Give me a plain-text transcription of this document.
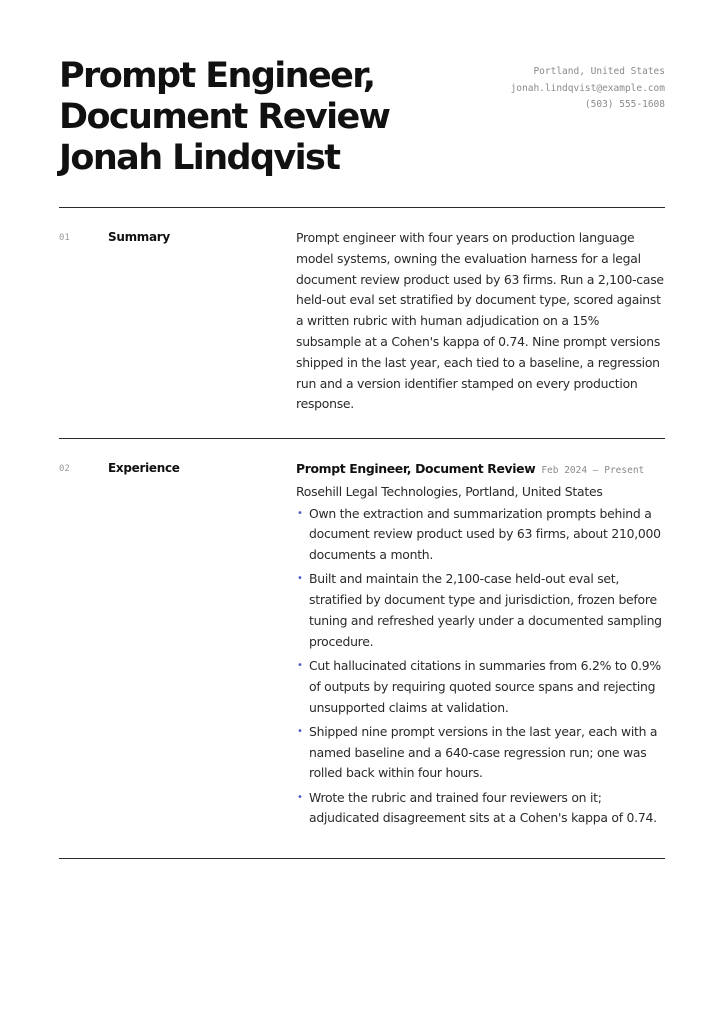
Prompt Engineer,
Document Review
Jonah Lindqvist
Portland, United States
jonah.lindqvist@example.com
(503) 555-1608
01	Summary	Prompt engineer with four years on production language model systems, owning the evaluation harness for a legal document review product used by 63 firms. Run a 2,100-case held-out eval set stratified by document type, scored against a written rubric with human adjudication on a 15% subsample at a Cohen's kappa of 0.74. Nine prompt versions shipped in the last year, each tied to a baseline, a regression run and a version identifier stamped on every production response.

02	Experience	Prompt Engineer, Document Review Feb 2024 — Present
Rosehill Legal Technologies, Portland, United States
• Own the extraction and summarization prompts behind a document review product used by 63 firms, about 210,000 documents a month.
• Built and maintain the 2,100-case held-out eval set, stratified by document type and jurisdiction, frozen before tuning and refreshed yearly under a documented sampling procedure.
• Cut hallucinated citations in summaries from 6.2% to 0.9% of outputs by requiring quoted source spans and rejecting unsupported claims at validation.
• Shipped nine prompt versions in the last year, each with a named baseline and a 640-case regression run; one was rolled back within four hours.
• Wrote the rubric and trained four reviewers on it; adjudicated disagreement sits at a Cohen's kappa of 0.74.
